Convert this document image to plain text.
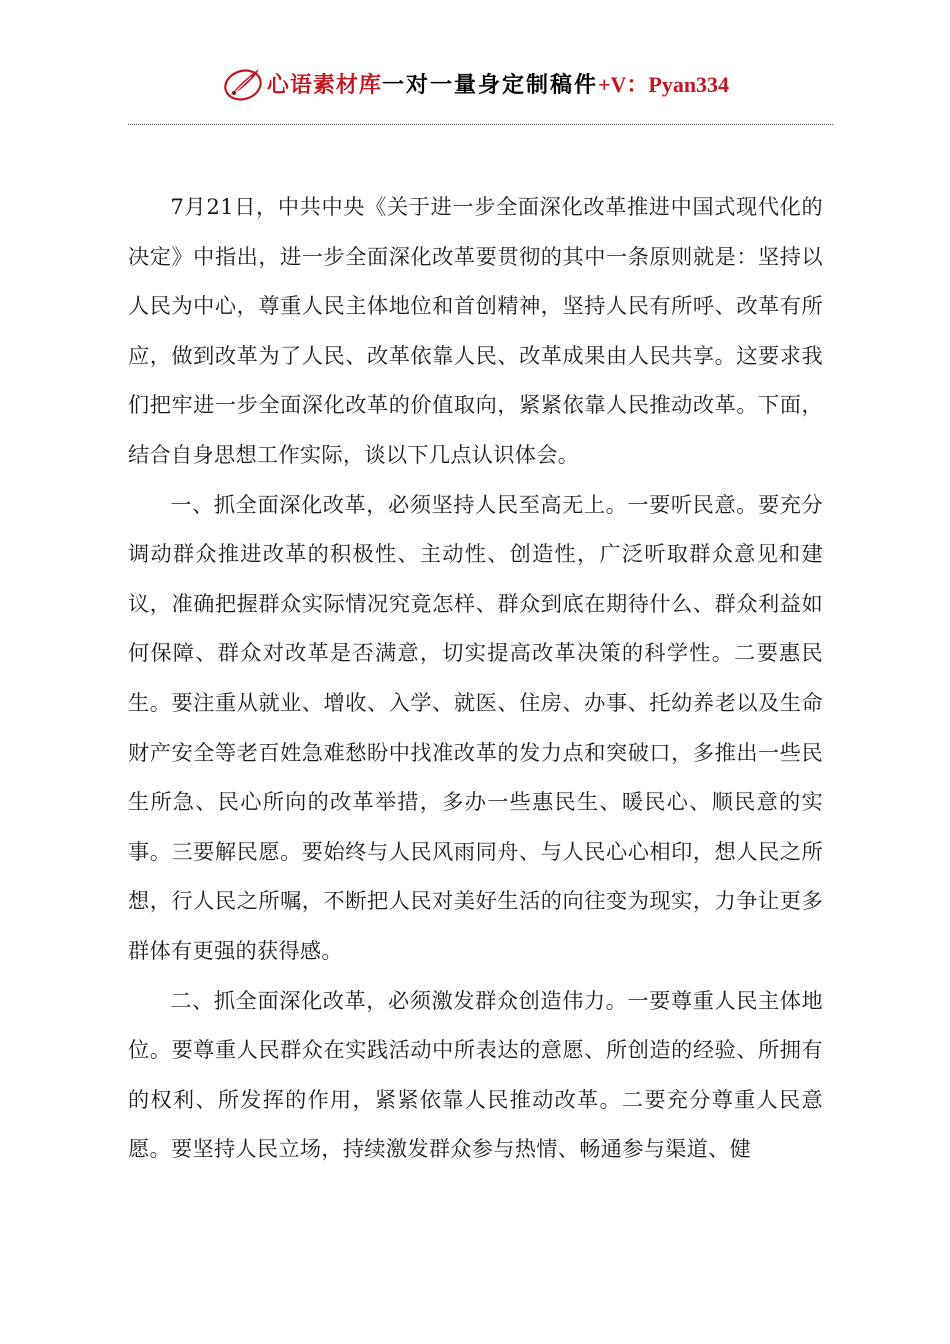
心语素材库 一对一量身定制稿件 +V：Pyan334

7月21日，中共中央《关于进一步全面深化改革推进中国式现代化的决定》中指出，进一步全面深化改革要贯彻的其中一条原则就是：坚持以人民为中心，尊重人民主体地位和首创精神，坚持人民有所呼、改革有所应，做到改革为了人民、改革依靠人民、改革成果由人民共享。这要求我们把牢进一步全面深化改革的价值取向，紧紧依靠人民推动改革。下面，结合自身思想工作实际，谈以下几点认识体会。

一、抓全面深化改革，必须坚持人民至高无上。一要听民意。要充分调动群众推进改革的积极性、主动性、创造性，广泛听取群众意见和建议，准确把握群众实际情况究竟怎样、群众到底在期待什么、群众利益如何保障、群众对改革是否满意，切实提高改革决策的科学性。二要惠民生。要注重从就业、增收、入学、就医、住房、办事、托幼养老以及生命财产安全等老百姓急难愁盼中找准改革的发力点和突破口，多推出一些民生所急、民心所向的改革举措，多办一些惠民生、暖民心、顺民意的实事。三要解民愿。要始终与人民风雨同舟、与人民心心相印，想人民之所想，行人民之所嘱，不断把人民对美好生活的向往变为现实，力争让更多群体有更强的获得感。

二、抓全面深化改革，必须激发群众创造伟力。一要尊重人民主体地位。要尊重人民群众在实践活动中所表达的意愿、所创造的经验、所拥有的权利、所发挥的作用，紧紧依靠人民推动改革。二要充分尊重人民意愿。要坚持人民立场，持续激发群众参与热情、畅通参与渠道、健
